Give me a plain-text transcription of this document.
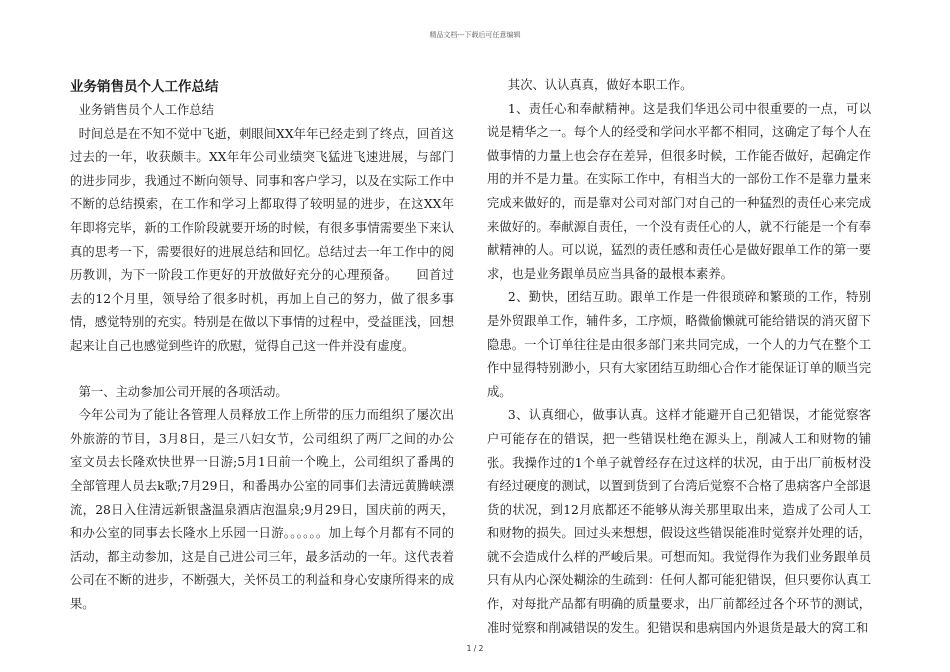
精品文档---下载后可任意编辑
业务销售员个人工作总结

业务销售员个人工作总结

时间总是在不知不觉中飞逝，刺眼间XX年年已经走到了终点，回首这过去的一年，收获颇丰。XX年年公司业绩突飞猛进飞速进展，与部门的进步同步，我通过不断向领导、同事和客户学习，以及在实际工作中不断的总结摸索，在工作和学习上都取得了较明显的进步，在这XX年年即将完毕，新的工作阶段就要开场的时候，有很多事情需要坐下来认真的思考一下，需要很好的进展总结和回忆。总结过去一年工作中的阅历教训，为下一阶段工作更好的开放做好充分的心理预备。　　回首过去的12个月里，领导给了很多时机，再加上自己的努力，做了很多事情，感觉特别的充实。特别是在做以下事情的过程中，受益匪浅，回想起来让自己也感觉到些许的欣慰，觉得自己这一件并没有虚度。

第一、主动参加公司开展的各项活动。

今年公司为了能让各管理人员释放工作上所带的压力而组织了屡次出外旅游的节目，3月8日，是三八妇女节，公司组织了两厂之间的办公室文员去长隆欢快世界一日游;5月1日前一个晚上，公司组织了番禺的全部管理人员去k歌;7月29日，和番禺办公室的同事们去清远黄腾峡漂流，28日入住清远新银盏温泉酒店泡温泉;9月29日，国庆前的两天，和办公室的同事去长隆水上乐园一日游。。。。。。加上每个月都有不同的活动，都主动参加，这是自己进公司三年，最多活动的一年。这代表着公司在不断的进步，不断强大，关怀员工的利益和身心安康所得来的成果。

其次、认认真真，做好本职工作。

1、责任心和奉献精神。这是我们华迅公司中很重要的一点，可以说是精华之一。每个人的经受和学问水平都不相同，这确定了每个人在做事情的力量上也会存在差异，但很多时候，工作能否做好，起确定作用的并不是力量。在实际工作中，有相当大的一部份工作不是靠力量来完成来做好的，而是靠对公司对部门对自己的一种猛烈的责任心来完成来做好的。奉献源自责任，一个没有责任心的人，就不行能是一个有奉献精神的人。可以说，猛烈的责任感和责任心是做好跟单工作的第一要求，也是业务跟单员应当具备的最根本素养。

2、勤快，团结互助。跟单工作是一件很琐碎和繁琐的工作，特别是外贸跟单工作，辅件多，工序烦，略微偷懒就可能给错误的消灭留下隐患。一个订单往往是由很多部门来共同完成，一个人的力气在整个工作中显得特别渺小，只有大家团结互助细心合作才能保证订单的顺当完成。

3、认真细心，做事认真。这样才能避开自己犯错误，才能觉察客户可能存在的错误，把一些错误杜绝在源头上，削减人工和财物的铺张。我操作过的1个单子就曾经存在过这样的状况，由于出厂前板材没有经过硬度的测试，以置到货到了台湾后觉察不合格了患病客户全部退货的状况，到12月底都还不能够从海关那里取出来，造成了公司人工和财物的损失。回过头来想想，假设这些错误能准时觉察并处理的话，就不会造成什么样的严峻后果。可想而知。我觉得作为我们业务跟单员只有从内心深处糊涂的生疏到：任何人都可能犯错误，但只要你认真工作，对每批产品都有明确的质量要求，出厂前都经过各个环节的测试，准时觉察和削减错误的发生。犯错误和患病国内外退货是最大的窝工和

1 / 2
